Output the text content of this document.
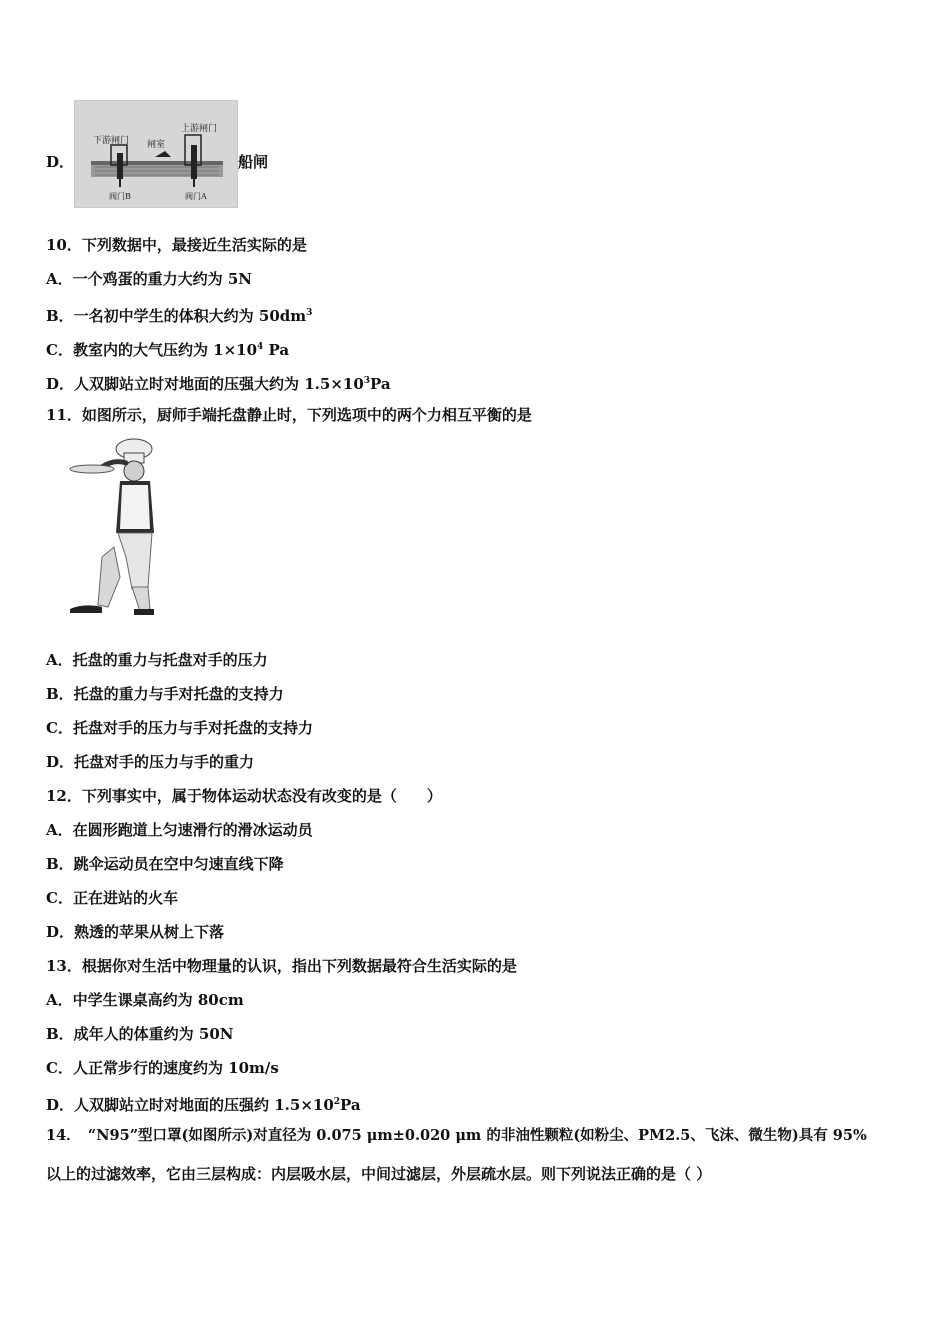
D．
下游闸门
上游闸门
闸室
阀门B	阀门A
船闸
10．下列数据中，最接近生活实际的是
A．一个鸡蛋的重力大约为 5N
B．一名初中学生的体积大约为 $50dm^3$
C．教室内的大气压约为 $1\times 10^4$ Pa
D．人双脚站立时对地面的压强大约为 $1.5\times 10^3Pa$
11．如图所示，厨师手端托盘静止时，下列选项中的两个力相互平衡的是
A．托盘的重力与托盘对手的压力
B．托盘的重力与手对托盘的支持力
C．托盘对手的压力与手对托盘的支持力
D．托盘对手的压力与手的重力
12．下列事实中，属于物体运动状态没有改变的是（　　）
A．在圆形跑道上匀速滑行的滑冰运动员
B．跳伞运动员在空中匀速直线下降
C．正在进站的火车
D．熟透的苹果从树上下落
13．根据你对生活中物理量的认识，指出下列数据最符合生活实际的是
A．中学生课桌高约为 80cm
B．成年人的体重约为 50N
C．人正常步行的速度约为 10m/s
D．人双脚站立时对地面的压强约 $1.5\times 10^2Pa$
14．　“N95”型口罩(如图所示)对直径为 0.075 μm±0.020 μm 的非油性颗粒(如粉尘、PM2.5、飞沫、微生物)具有 95%
以上的过滤效率，它由三层构成：内层吸水层，中间过滤层，外层疏水层。则下列说法正确的是（ ）
